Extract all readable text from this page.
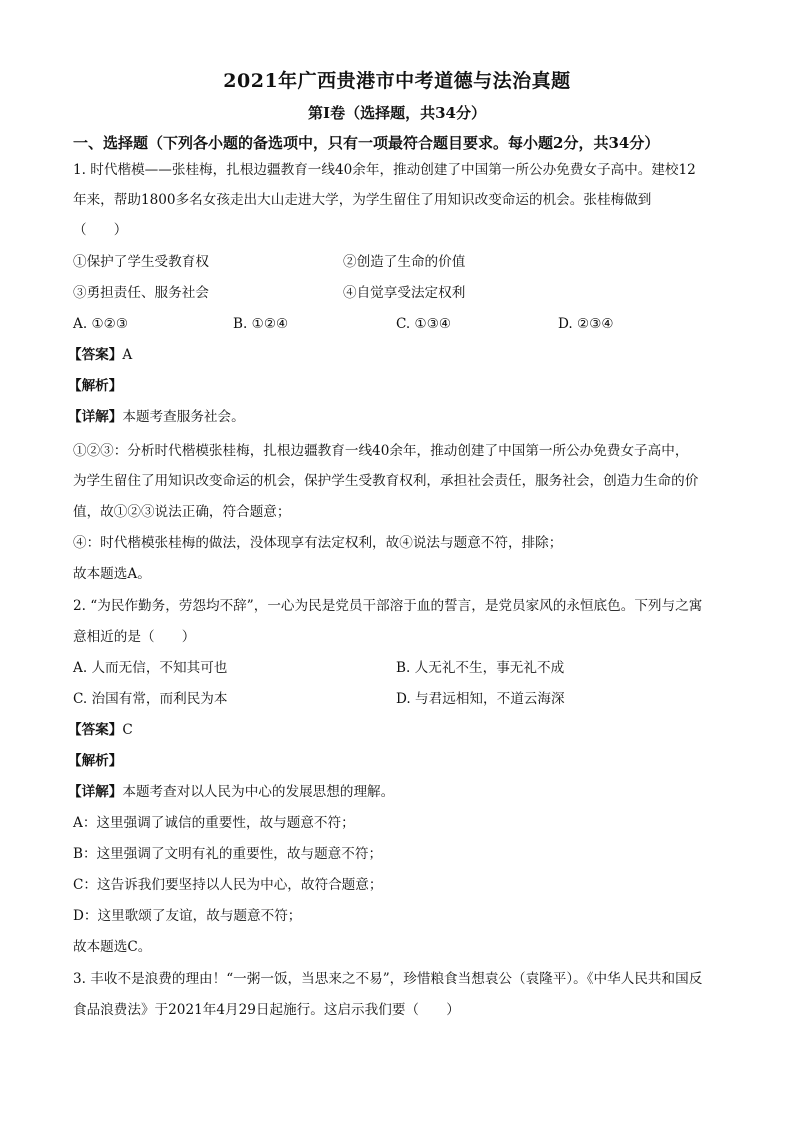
2021年广西贵港市中考道德与法治真题
第Ⅰ卷（选择题，共34分）
一、选择题（下列各小题的备选项中，只有一项最符合题目要求。每小题2分，共34分）
1. 时代楷模——张桂梅，扎根边疆教育一线40余年，推动创建了中国第一所公办免费女子高中。建校12
年来，帮助1800多名女孩走出大山走进大学，为学生留住了用知识改变命运的机会。张桂梅做到
（　　）
①保护了学生受教育权	②创造了生命的价值
③勇担责任、服务社会	④自觉享受法定权利
A. ①②③	B. ①②④	C. ①③④	D. ②③④
【答案】A
【解析】
【详解】本题考查服务社会。
①②③：分析时代楷模张桂梅，扎根边疆教育一线40余年，推动创建了中国第一所公办免费女子高中，
为学生留住了用知识改变命运的机会，保护学生受教育权利，承担社会责任，服务社会，创造力生命的价
值，故①②③说法正确，符合题意；
④：时代楷模张桂梅的做法，没体现享有法定权利，故④说法与题意不符，排除；
故本题选A。
2. “为民作勤务，劳怨均不辞”，一心为民是党员干部溶于血的誓言，是党员家风的永恒底色。下列与之寓
意相近的是（　　）
A. 人而无信，不知其可也	B. 人无礼不生，事无礼不成
C. 治国有常，而利民为本	D. 与君远相知，不道云海深
【答案】C
【解析】
【详解】本题考查对以人民为中心的发展思想的理解。
A：这里强调了诚信的重要性，故与题意不符；
B：这里强调了文明有礼的重要性，故与题意不符；
C：这告诉我们要坚持以人民为中心，故符合题意；
D：这里歌颂了友谊，故与题意不符；
故本题选C。
3. 丰收不是浪费的理由！“一粥一饭，当思来之不易”，珍惜粮食当想袁公（袁隆平）。《中华人民共和国反
食品浪费法》于2021年4月29日起施行。这启示我们要（　　）
